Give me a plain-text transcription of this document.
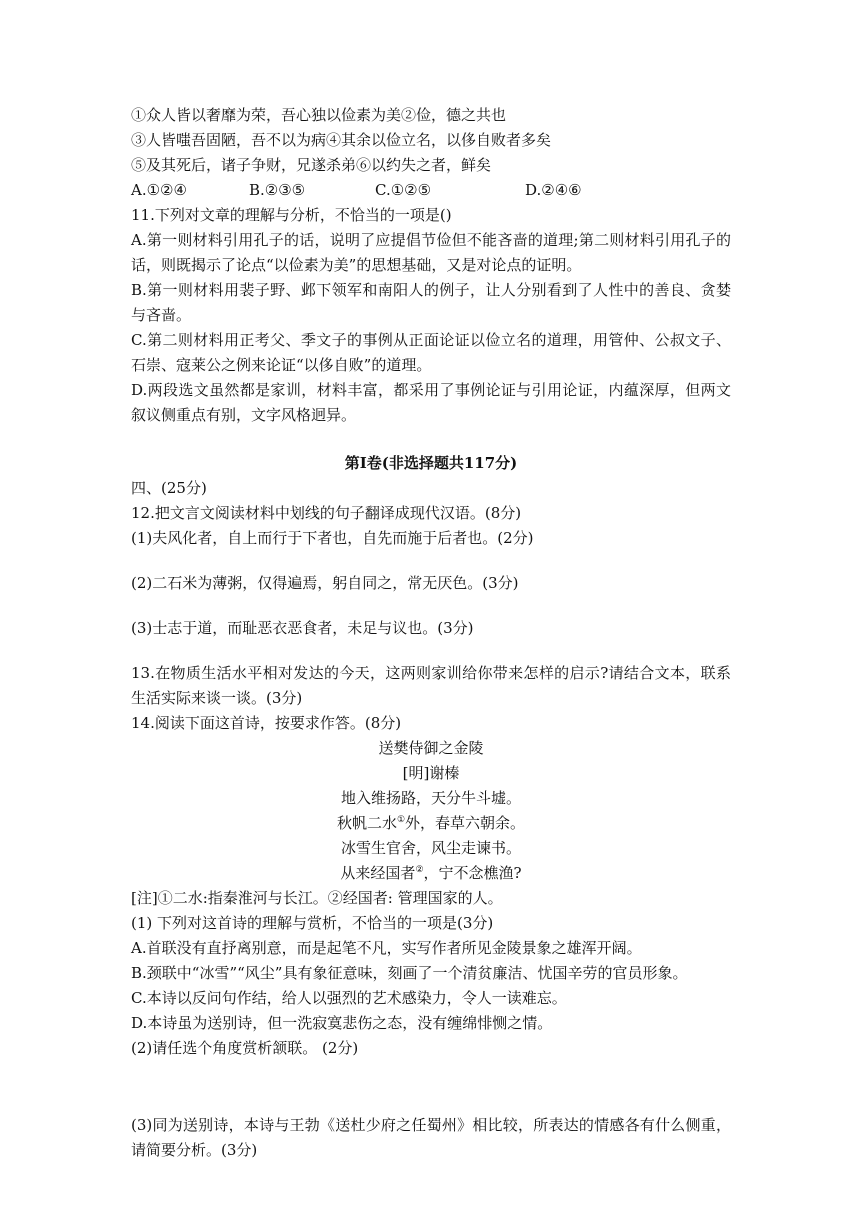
①众人皆以奢靡为荣，吾心独以俭素为美②俭，德之共也
③人皆嗤吾固陋，吾不以为病④其余以俭立名，以侈自败者多矣
⑤及其死后，诸子争财，兄遂杀弟⑥以约失之者，鲜矣
A.①②④	B.②③⑤	C.①②⑤	D.②④⑥
11.下列对文章的理解与分析，不恰当的一项是()
A.第一则材料引用孔子的话，说明了应提倡节俭但不能吝啬的道理;第二则材料引用孔子的话，则既揭示了论点“以俭素为美”的思想基础，又是对论点的证明。
B.第一则材料用裴子野、邺下领军和南阳人的例子，让人分别看到了人性中的善良、贪婪与吝啬。
C.第二则材料用正考父、季文子的事例从正面论证以俭立名的道理，用管仲、公叔文子、石崇、寇莱公之例来论证“以侈自败”的道理。
D.两段选文虽然都是家训，材料丰富，都采用了事例论证与引用论证，内蕴深厚，但两文叙议侧重点有别，文字风格迥异。
第Ⅰ卷(非选择题共117分)
四、(25分)
12.把文言文阅读材料中划线的句子翻译成现代汉语。(8分)
(1)夫风化者，自上而行于下者也，自先而施于后者也。(2分)
(2)二石米为薄粥，仅得遍焉，躬自同之，常无厌色。(3分)
(3)士志于道，而耻恶衣恶食者，未足与议也。(3分)
13.在物质生活水平相对发达的今天，这两则家训给你带来怎样的启示?请结合文本，联系生活实际来谈一谈。(3分)
14.阅读下面这首诗，按要求作答。(8分)
送樊侍御之金陵
[明]谢榛
地入维扬路，天分牛斗墟。
秋帆二水①外，春草六朝余。
冰雪生官舍，风尘走谏书。
从来经国者②，宁不念樵渔?
[注]①二水:指秦淮河与长江。②经国者: 管理国家的人。
(1) 下列对这首诗的理解与赏析，不恰当的一项是(3分)
A.首联没有直抒离别意，而是起笔不凡，实写作者所见金陵景象之雄浑开阔。
B.颈联中“冰雪”“风尘”具有象征意味，刻画了一个清贫廉洁、忧国辛劳的官员形象。
C.本诗以反问句作结，给人以强烈的艺术感染力，令人一读难忘。
D.本诗虽为送别诗，但一洗寂寞悲伤之态，没有缠绵悱恻之情。
(2)请任选个角度赏析颔联。 (2分)
(3)同为送别诗，本诗与王勃《送杜少府之任蜀州》相比较，所表达的情感各有什么侧重，请简要分析。(3分)
